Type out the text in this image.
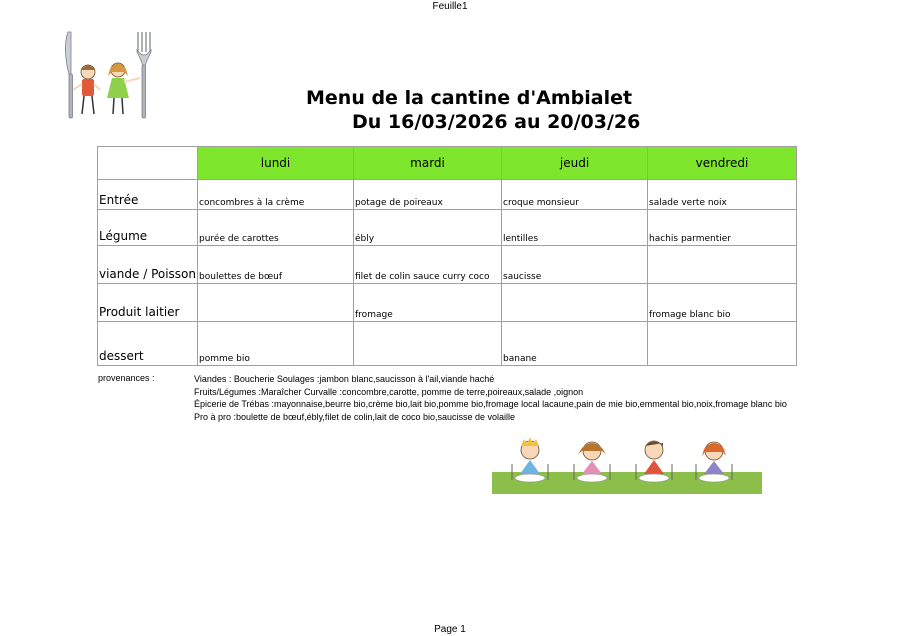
Feuille1
Menu de la cantine d'Ambialet
Du 16/03/2026 au 20/03/26
	lundi	mardi	jeudi	vendredi
Entrée	concombres à la crème	potage de poireaux	croque monsieur	salade verte noix
Légume	purée de carottes	ébly	lentilles	hachis parmentier
viande / Poisson	boulettes de bœuf	filet de colin sauce curry coco	saucisse	
Produit laitier		fromage		fromage blanc bio
dessert	pomme bio		banane	
provenances :	Viandes : Boucherie Soulages :jambon blanc,saucisson à l'ail,viande haché
Fruits/Légumes :Maraîcher Curvalle :concombre,carotte, pomme de terre,poireaux,salade ,oignon
Épicerie de Trébas :mayonnaise,beurre bio,crème bio,lait bio,pomme bio,fromage local lacaune,pain de mie bio,emmental bio,noix,fromage blanc bio
Pro à pro :boulette de bœuf,ébly,filet de colin,lait de coco bio,saucisse de volaille
Page 1
